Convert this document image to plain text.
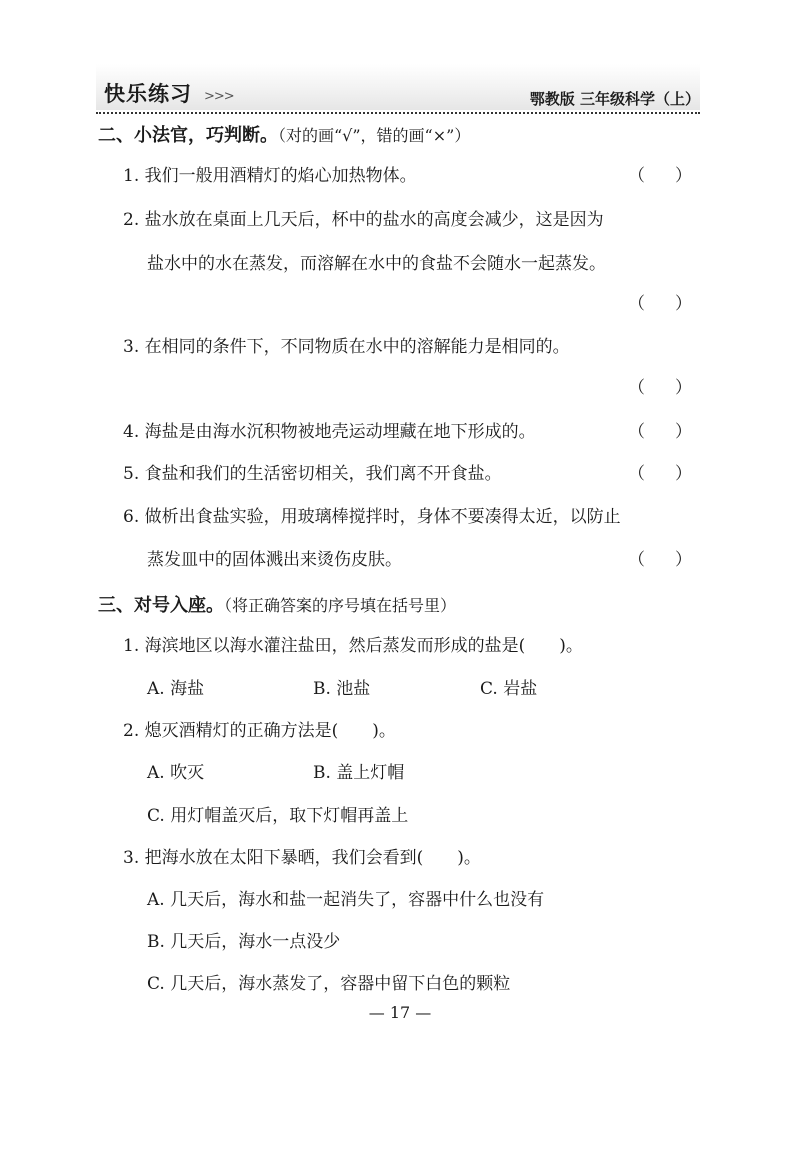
快乐练习 >>>	鄂教版 三年级科学（上）
二、小法官，巧判断。（对的画“√”，错的画“×”）
1. 我们一般用酒精灯的焰心加热物体。	（ ）
2. 盐水放在桌面上几天后，杯中的盐水的高度会减少，这是因为
盐水中的水在蒸发，而溶解在水中的食盐不会随水一起蒸发。
（ ）
3. 在相同的条件下，不同物质在水中的溶解能力是相同的。
（ ）
4. 海盐是由海水沉积物被地壳运动埋藏在地下形成的。	（ ）
5. 食盐和我们的生活密切相关，我们离不开食盐。	（ ）
6. 做析出食盐实验，用玻璃棒搅拌时，身体不要凑得太近，以防止
蒸发皿中的固体溅出来烫伤皮肤。	（ ）
三、对号入座。（将正确答案的序号填在括号里）
1. 海滨地区以海水灌注盐田，然后蒸发而形成的盐是(　　)。
A. 海盐	B. 池盐	C. 岩盐
2. 熄灭酒精灯的正确方法是(　　)。
A. 吹灭	B. 盖上灯帽
C. 用灯帽盖灭后，取下灯帽再盖上
3. 把海水放在太阳下暴晒，我们会看到(　　)。
A. 几天后，海水和盐一起消失了，容器中什么也没有
B. 几天后，海水一点没少
C. 几天后，海水蒸发了，容器中留下白色的颗粒
— 17 —
